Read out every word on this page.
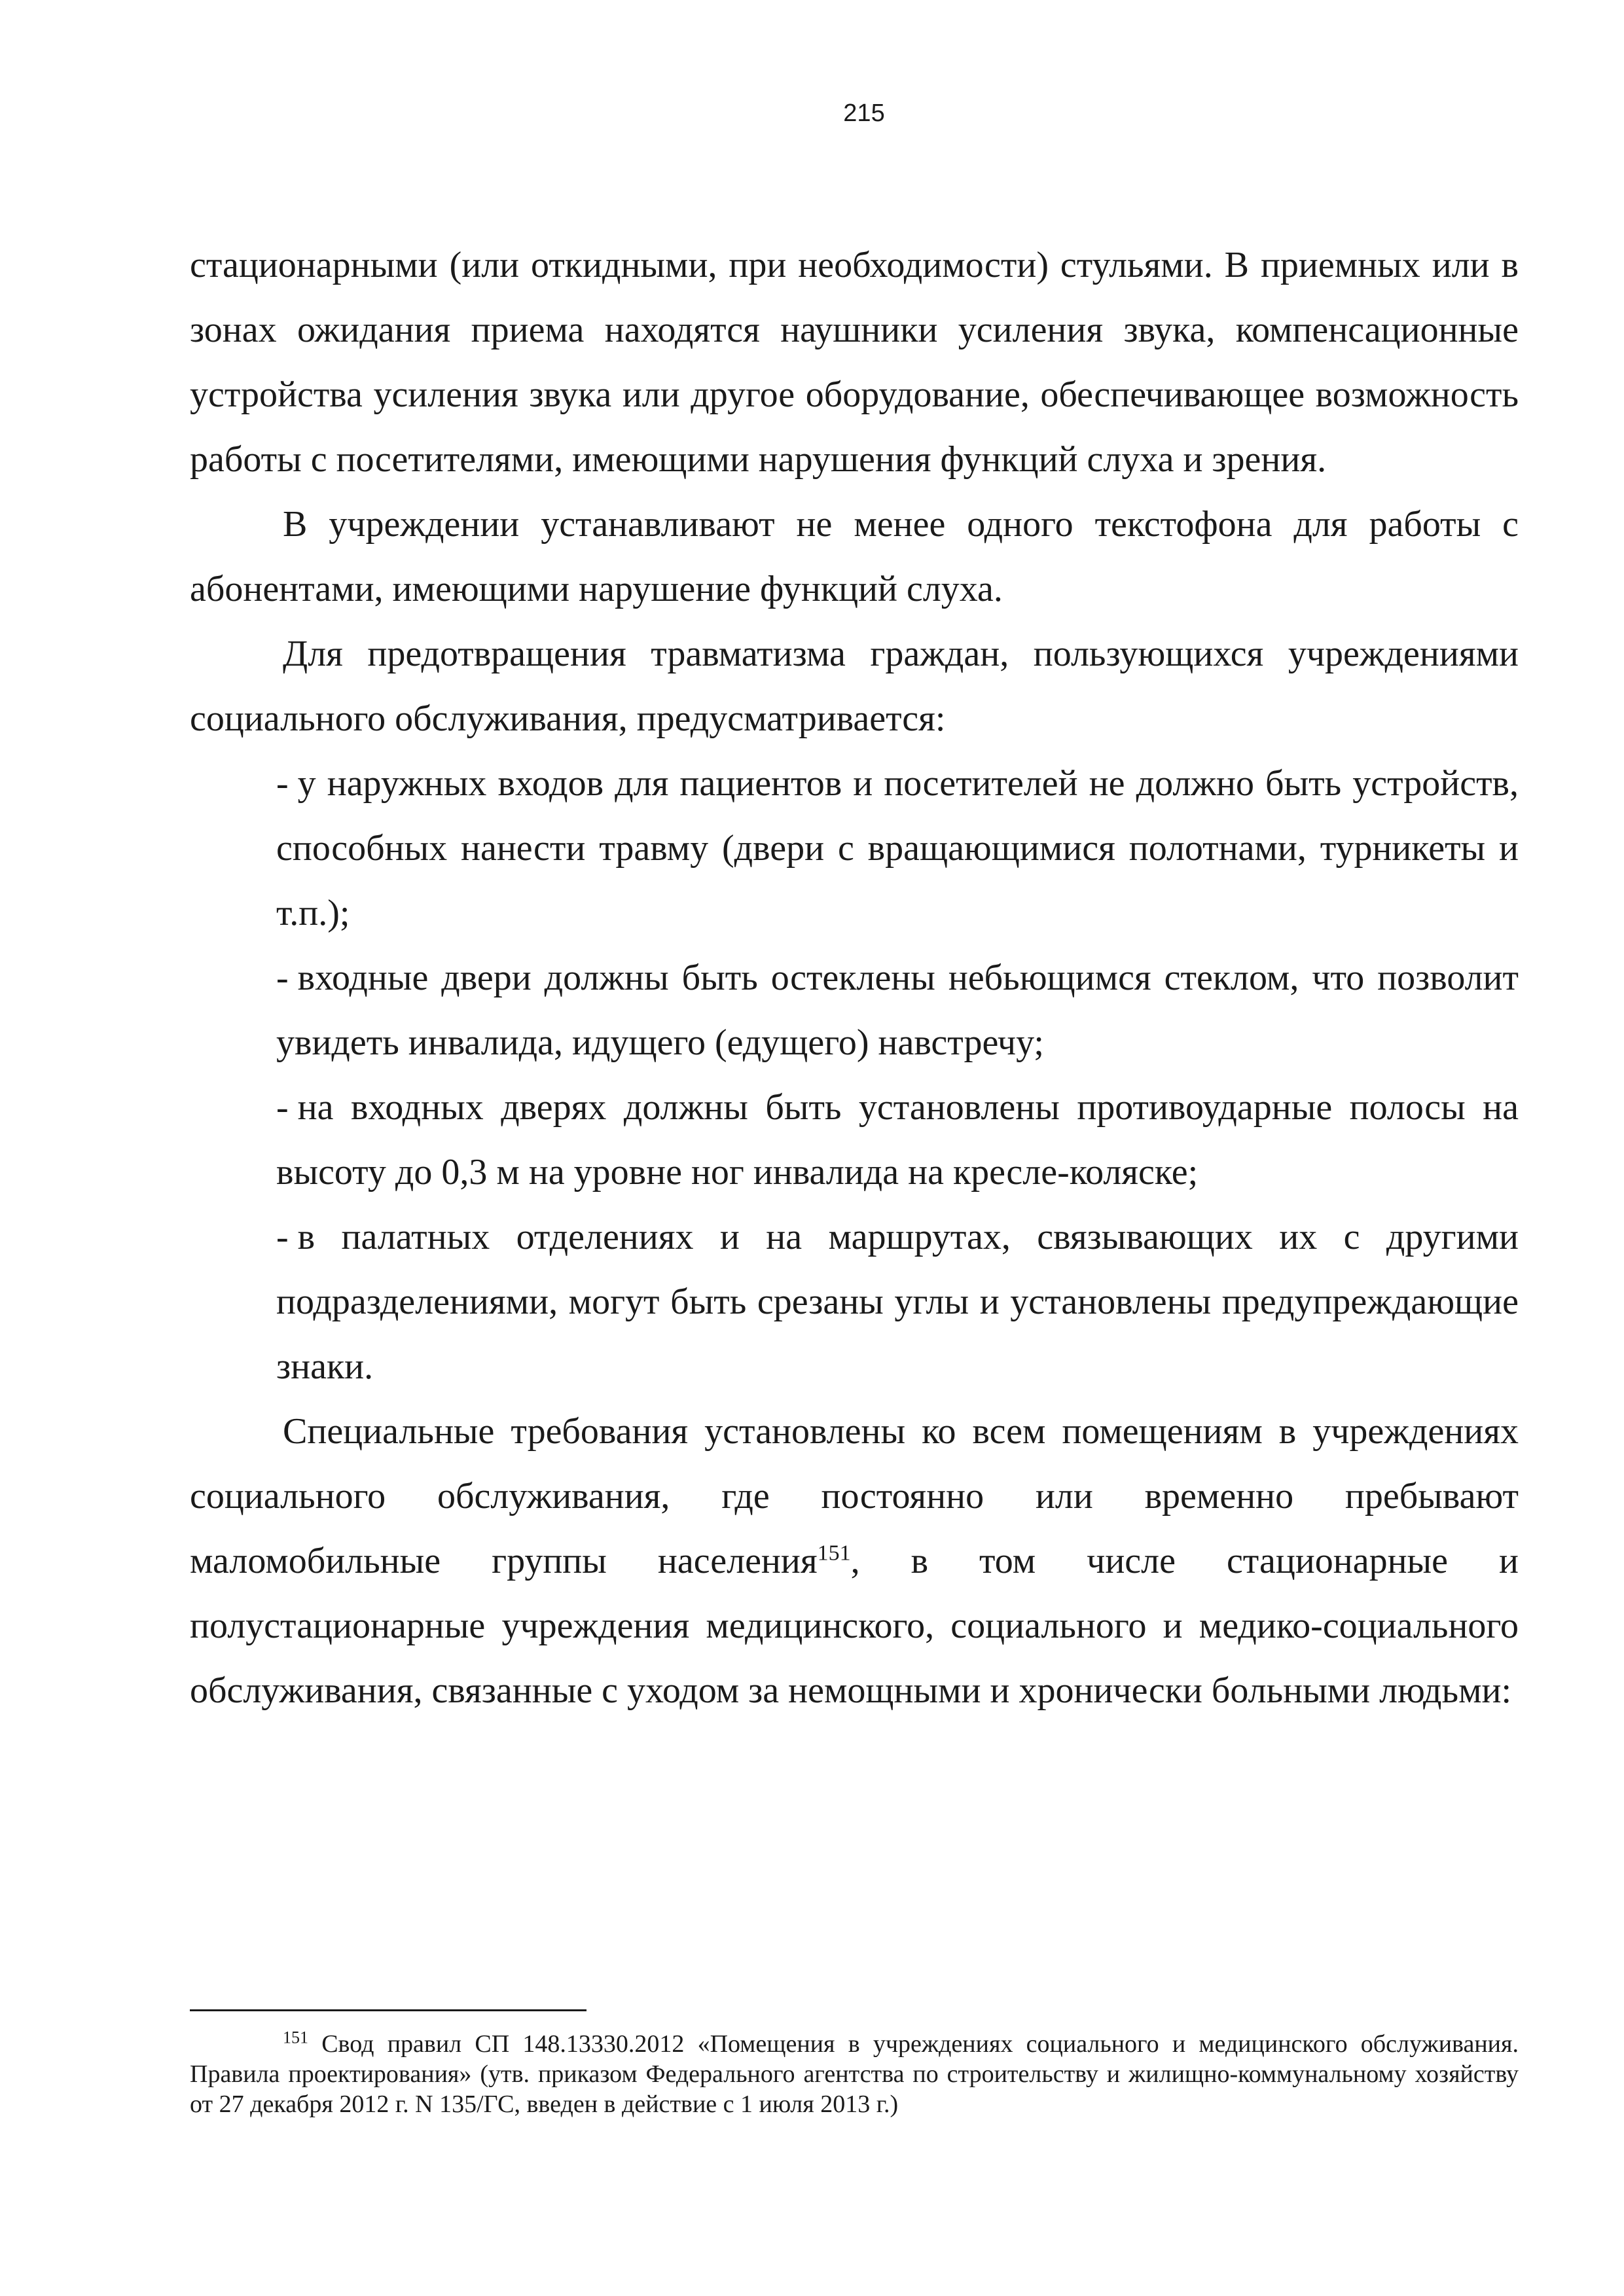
215

стационарными (или откидными, при необходимости) стульями. В приемных или в зонах ожидания приема находятся наушники усиления звука, компенсационные устройства усиления звука или другое оборудование, обеспечивающее возможность работы с посетителями, имеющими нарушения функций слуха и зрения.

В учреждении устанавливают не менее одного текстофона для работы с абонентами, имеющими нарушение функций слуха.

Для предотвращения травматизма граждан, пользующихся учреждениями социального обслуживания, предусматривается:

- у наружных входов для пациентов и посетителей не должно быть устройств, способных нанести травму (двери с вращающимися полотнами, турникеты и т.п.);
- входные двери должны быть остеклены небьющимся стеклом, что позволит увидеть инвалида, идущего (едущего) навстречу;
- на входных дверях должны быть установлены противоударные полосы на высоту до 0,3 м на уровне ног инвалида на кресле-коляске;
- в палатных отделениях и на маршрутах, связывающих их с другими подразделениями, могут быть срезаны углы и установлены предупреждающие знаки.

Специальные требования установлены ко всем помещениям в учреждениях социального обслуживания, где постоянно или временно пребывают маломобильные группы населения$^{151}$, в том числе стационарные и полустационарные учреждения медицинского, социального и медико-социального обслуживания, связанные с уходом за немощными и хронически больными людьми:

$^{151}$ Свод правил СП 148.13330.2012 «Помещения в учреждениях социального и медицинского обслуживания. Правила проектирования» (утв. приказом Федерального агентства по строительству и жилищно-коммунальному хозяйству от 27 декабря 2012 г. N 135/ГС, введен в действие с 1 июля 2013 г.)
